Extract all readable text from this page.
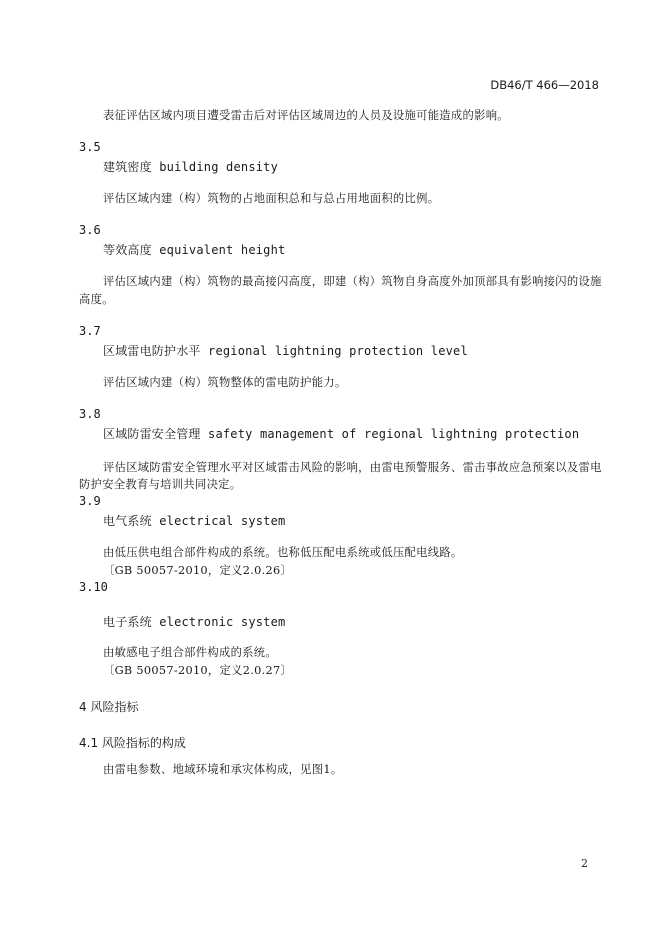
DB46/T 466—2018
表征评估区域内项目遭受雷击后对评估区域周边的人员及设施可能造成的影响。
3.5
建筑密度 building density
评估区域内建（构）筑物的占地面积总和与总占用地面积的比例。
3.6
等效高度 equivalent height
评估区域内建（构）筑物的最高接闪高度，即建（构）筑物自身高度外加顶部具有影响接闪的设施
高度。
3.7
区域雷电防护水平 regional lightning protection level
评估区域内建（构）筑物整体的雷电防护能力。
3.8
区域防雷安全管理 safety management of regional lightning protection
评估区域防雷安全管理水平对区域雷击风险的影响，由雷电预警服务、雷击事故应急预案以及雷电
防护安全教育与培训共同决定。
3.9
电气系统 electrical system
由低压供电组合部件构成的系统。也称低压配电系统或低压配电线路。
〔GB 50057-2010，定义2.0.26〕
3.10
电子系统 electronic system
由敏感电子组合部件构成的系统。
〔GB 50057-2010，定义2.0.27〕
4 风险指标
4.1 风险指标的构成
由雷电参数、地域环境和承灾体构成，见图1。
2
